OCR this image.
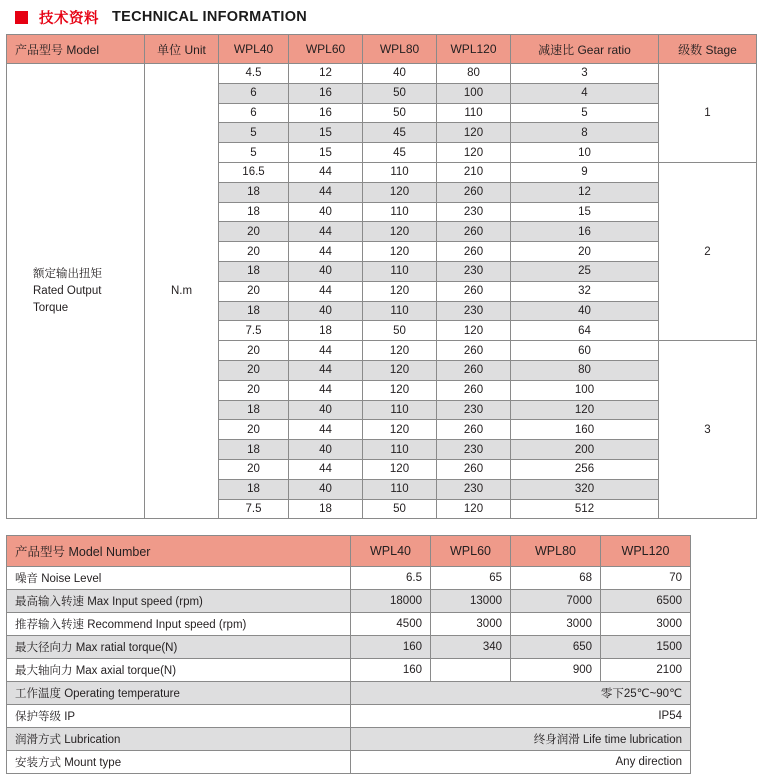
技术资料 TECHNICAL INFORMATION
产品型号 Model	单位 Unit	WPL40	WPL60	WPL80	WPL120	减速比 Gear ratio	级数 Stage

额定输出扭矩
Rated Output
Torque	N.m	4.5	12	40	80	3	1
		6	16	50	100	4	
		6	16	50	110	5	
		5	15	45	120	8	
		5	15	45	120	10	
		16.5	44	110	210	9	2
		18	44	120	260	12	
		18	40	110	230	15	
		20	44	120	260	16	
		20	44	120	260	20	
		18	40	110	230	25	
		20	44	120	260	32	
		18	40	110	230	40	
		7.5	18	50	120	64	
		20	44	120	260	60	3
		20	44	120	260	80	
		20	44	120	260	100	
		18	40	110	230	120	
		20	44	120	260	160	
		18	40	110	230	200	
		20	44	120	260	256	
		18	40	110	230	320	
		7.5	18	50	120	512	
产品型号 Model Number	WPL40	WPL60	WPL80	WPL120
噪音 Noise Level	6.5	65	68	70
最高输入转速 Max Input speed (rpm)	18000	13000	7000	6500
推荐输入转速 Recommend Input speed (rpm)	4500	3000	3000	3000
最大径向力 Max ratial torque(N)	160	340	650	1500
最大轴向力 Max axial torque(N)	160		900	2100
工作温度 Operating temperature	零下25℃~90℃			
保护等级 IP	IP54			
润滑方式 Lubrication	终身润滑 Life time lubrication			
安装方式 Mount type	Any direction			
